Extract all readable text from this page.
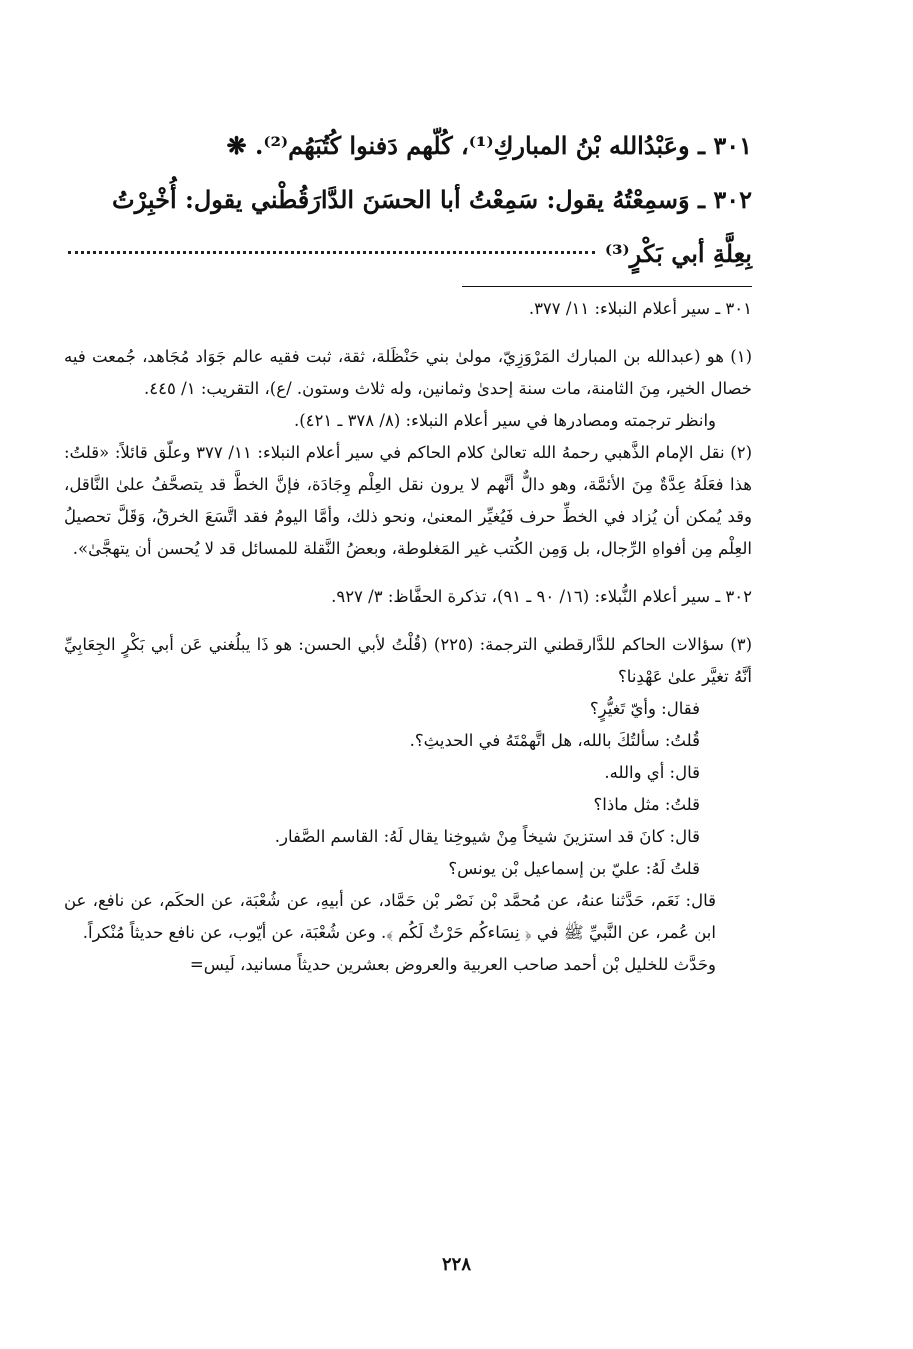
٣٠١ ـ وعَبْدُالله بْنُ المباركِ⁽¹⁾، كُلّهم دَفنوا كُتُبَهُم⁽²⁾. ❋

٣٠٢ ـ وَسمِعْتُهُ يقول: سَمِعْتُ أبا الحسَنَ الدَّارَقُطْني يقول: أُخْبِرْتُ

بِعِلَّةِ أبي بَكْرٍ⁽³⁾

٣٠١ ـ سير أعلام النبلاء: ١١/ ٣٧٧.

(١) هو (عبدالله بن المبارك المَرْوَزِيّ، مولىٰ بني حَنْظَلة، ثقة، ثبت فقيه عالم جَوَاد مُجَاهد، جُمعت فيه خصال الخير، مِنَ الثامنة، مات سنة إحدىٰ وثمانين، وله ثلاث وستون. /ع)، التقريب: ١/ ٤٤٥.

وانظر ترجمته ومصادرها في سير أعلام النبلاء: (٨/ ٣٧٨ ـ ٤٢١).

(٢) نقل الإمام الذَّهبي رحمهُ الله تعالىٰ كلام الحاكم في سير أعلام النبلاء: ١١/ ٣٧٧ وعلّق قائلاً: «قلتُ: هذا فعَلَهُ عِدَّةٌ مِنَ الأئمَّة، وهو دالٌّ أنَّهم لا يرون نقل العِلْم وِجَادَة، فإنَّ الخطَّ قد يتصحَّفُ علىٰ النَّاقل، وقد يُمكن أن يُزاد في الخطِّ حرف فَيُغيِّر المعنىٰ، ونحو ذلك، وأمَّا اليومُ فقد اتَّسَعَ الخرقُ، وَقَلَّ تحصيلُ العِلْم مِن أفواهِ الرِّجال، بل وَمِن الكُتب غير المَغلوطة، وبعضُ النَّقلة للمسائل قد لا يُحسن أن يتهجَّىٰ».

٣٠٢ ـ سير أعلام النُّبلاء: (١٦/ ٩٠ ـ ٩١)، تذكرة الحفَّاظ: ٣/ ٩٢٧.

(٣) سؤالات الحاكم للدَّارقطني الترجمة: (٢٢٥) (قُلْتُ لأبي الحسن: هو ذَا يبلُغني عَن أبي بَكْرٍ الجِعَابِيِّ أنَّهُ تغيَّر علىٰ عَهْدِنا؟

فقال: وأيّ تَغيُّرٍ؟

قُلتُ: سألتُكَ بالله، هل اتَّهمْتَهُ في الحديثِ؟.

قال: أي والله.

قلتُ: مثل ماذا؟

قال: كانَ قد استزينَ شيخاً مِنْ شيوخِنا يقال لَهُ: القاسم الصَّفار.

قلتُ لَهُ: عليّ بن إسماعيل بْن يونس؟

قال: نَعَم، حَدَّثنا عنهُ، عن مُحمَّد بْن نَصْر بْن حَمَّاد، عن أبيهِ، عن شُعْبَة، عن الحكَم، عن نافع، عن ابن عُمر، عن النَّبيِّ ﷺ في ﴿ نِسَاءكُم حَرْثٌ لَكُم ﴾. وعن شُعْبَة، عن أيّوب، عن نافع حديثاً مُنْكراً.

وحَدَّث للخليل بْن أحمد صاحب العربية والعروض بعشرين حديثاً مسانيد، لَيس=

٢٢٨
